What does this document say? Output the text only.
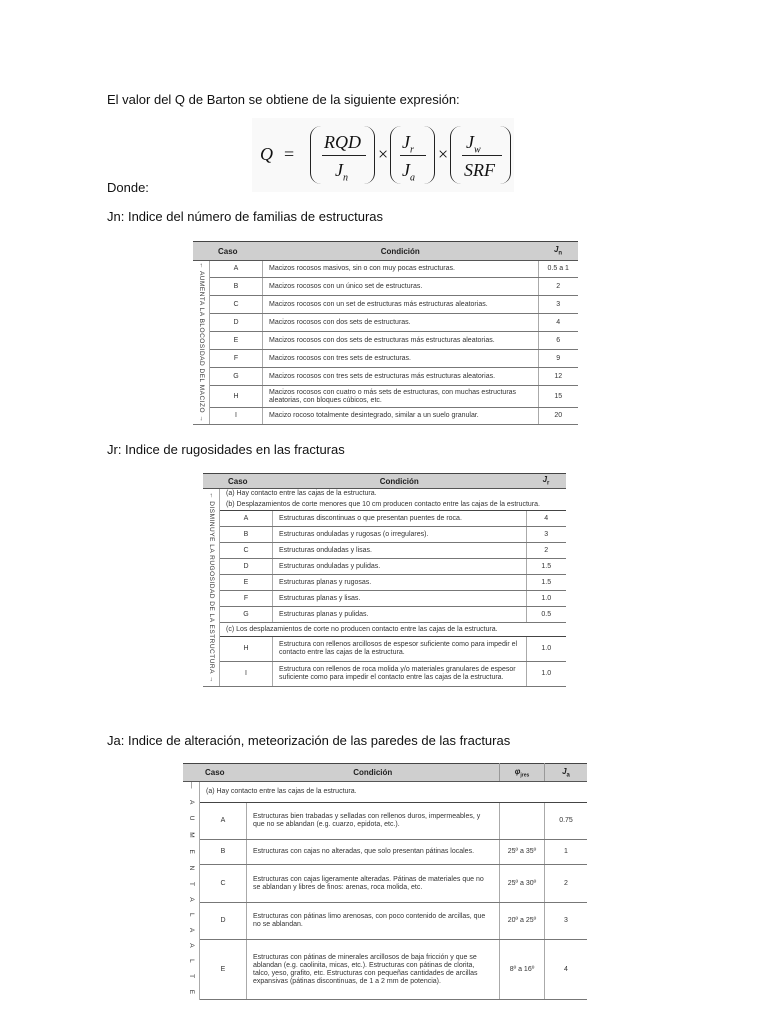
El valor del Q de Barton se obtiene de la siguiente expresión:
Q =
RQD
$J_n$
×
$J_r$
$J_a$
×
$J_w$
SRF
Donde:
Jn: Indice del número de familias de estructuras
Caso		Condición	$J_n$

← AUMENTA LA BLOCOSIDAD DEL MACIZO →	A	Macizos rocosos masivos, sin o con muy pocas estructuras.	0.5 a 1
	B	Macizos rocosos con un único set de estructuras.	2
	C	Macizos rocosos con un set de estructuras más estructuras aleatorias.	3
	D	Macizos rocosos con dos sets de estructuras.	4
	E	Macizos rocosos con dos sets de estructuras más estructuras aleatorias.	6
	F	Macizos rocosos con tres sets de estructuras.	9
	G	Macizos rocosos con tres sets de estructuras más estructuras aleatorias.	12
	H	Macizos rocosos con cuatro o más sets de estructuras, con muchas estructuras aleatorias, con bloques cúbicos, etc.	15
	I	Macizo rocoso totalmente desintegrado, similar a un suelo granular.	20
Jr: Indice de rugosidades en las fracturas
Caso		Condición	$J_r$

← DISMINUYE LA RUGOSIDAD DE LA ESTRUCTURA →	(a) Hay contacto entre las cajas de la estructura.		
	(b) Desplazamientos de corte menores que 10 cm producen contacto entre las cajas de la estructura.		
	A	Estructuras discontinuas o que presentan puentes de roca.	4
	B	Estructuras onduladas y rugosas (o irregulares).	3
	C	Estructuras onduladas y lisas.	2
	D	Estructuras onduladas y pulidas.	1.5
	E	Estructuras planas y rugosas.	1.5
	F	Estructuras planas y lisas.	1.0
	G	Estructuras planas y pulidas.	0.5
	(c) Los desplazamientos de corte no producen contacto entre las cajas de la estructura.		
	H	Estructura con rellenos arcillosos de espesor suficiente como para impedir el contacto entre las cajas de la estructura.	1.0
	I	Estructura con rellenos de roca molida y/o materiales granulares de espesor suficiente como para impedir el contacto entre las cajas de la estructura.	1.0
Ja: Indice de alteración, meteorización de las paredes de las fracturas
Caso		Condición	$\varphi_{jres}$	$J_a$

— A U M E N T A L A A L T E	(a) Hay contacto entre las cajas de la estructura.			
	A	Estructuras bien trabadas y selladas con rellenos duros, impermeables, y que no se ablandan (e.g. cuarzo, epidota, etc.).		0.75
	B	Estructuras con cajas no alteradas, que solo presentan pátinas locales.	25º a 35º	1
	C	Estructuras con cajas ligeramente alteradas. Pátinas de materiales que no se ablandan y libres de finos: arenas, roca molida, etc.	25º a 30º	2
	D	Estructuras con pátinas limo arenosas, con poco contenido de arcillas, que no se ablandan.	20º a 25º	3
	E	Estructuras con pátinas de minerales arcillosos de baja fricción y que se ablandan (e.g. caolinita, micas, etc.). Estructuras con pátinas de clorita, talco, yeso, grafito, etc. Estructuras con pequeñas cantidades de arcillas expansivas (pátinas discontinuas, de 1 a 2 mm de potencia).	8º a 16º	4
